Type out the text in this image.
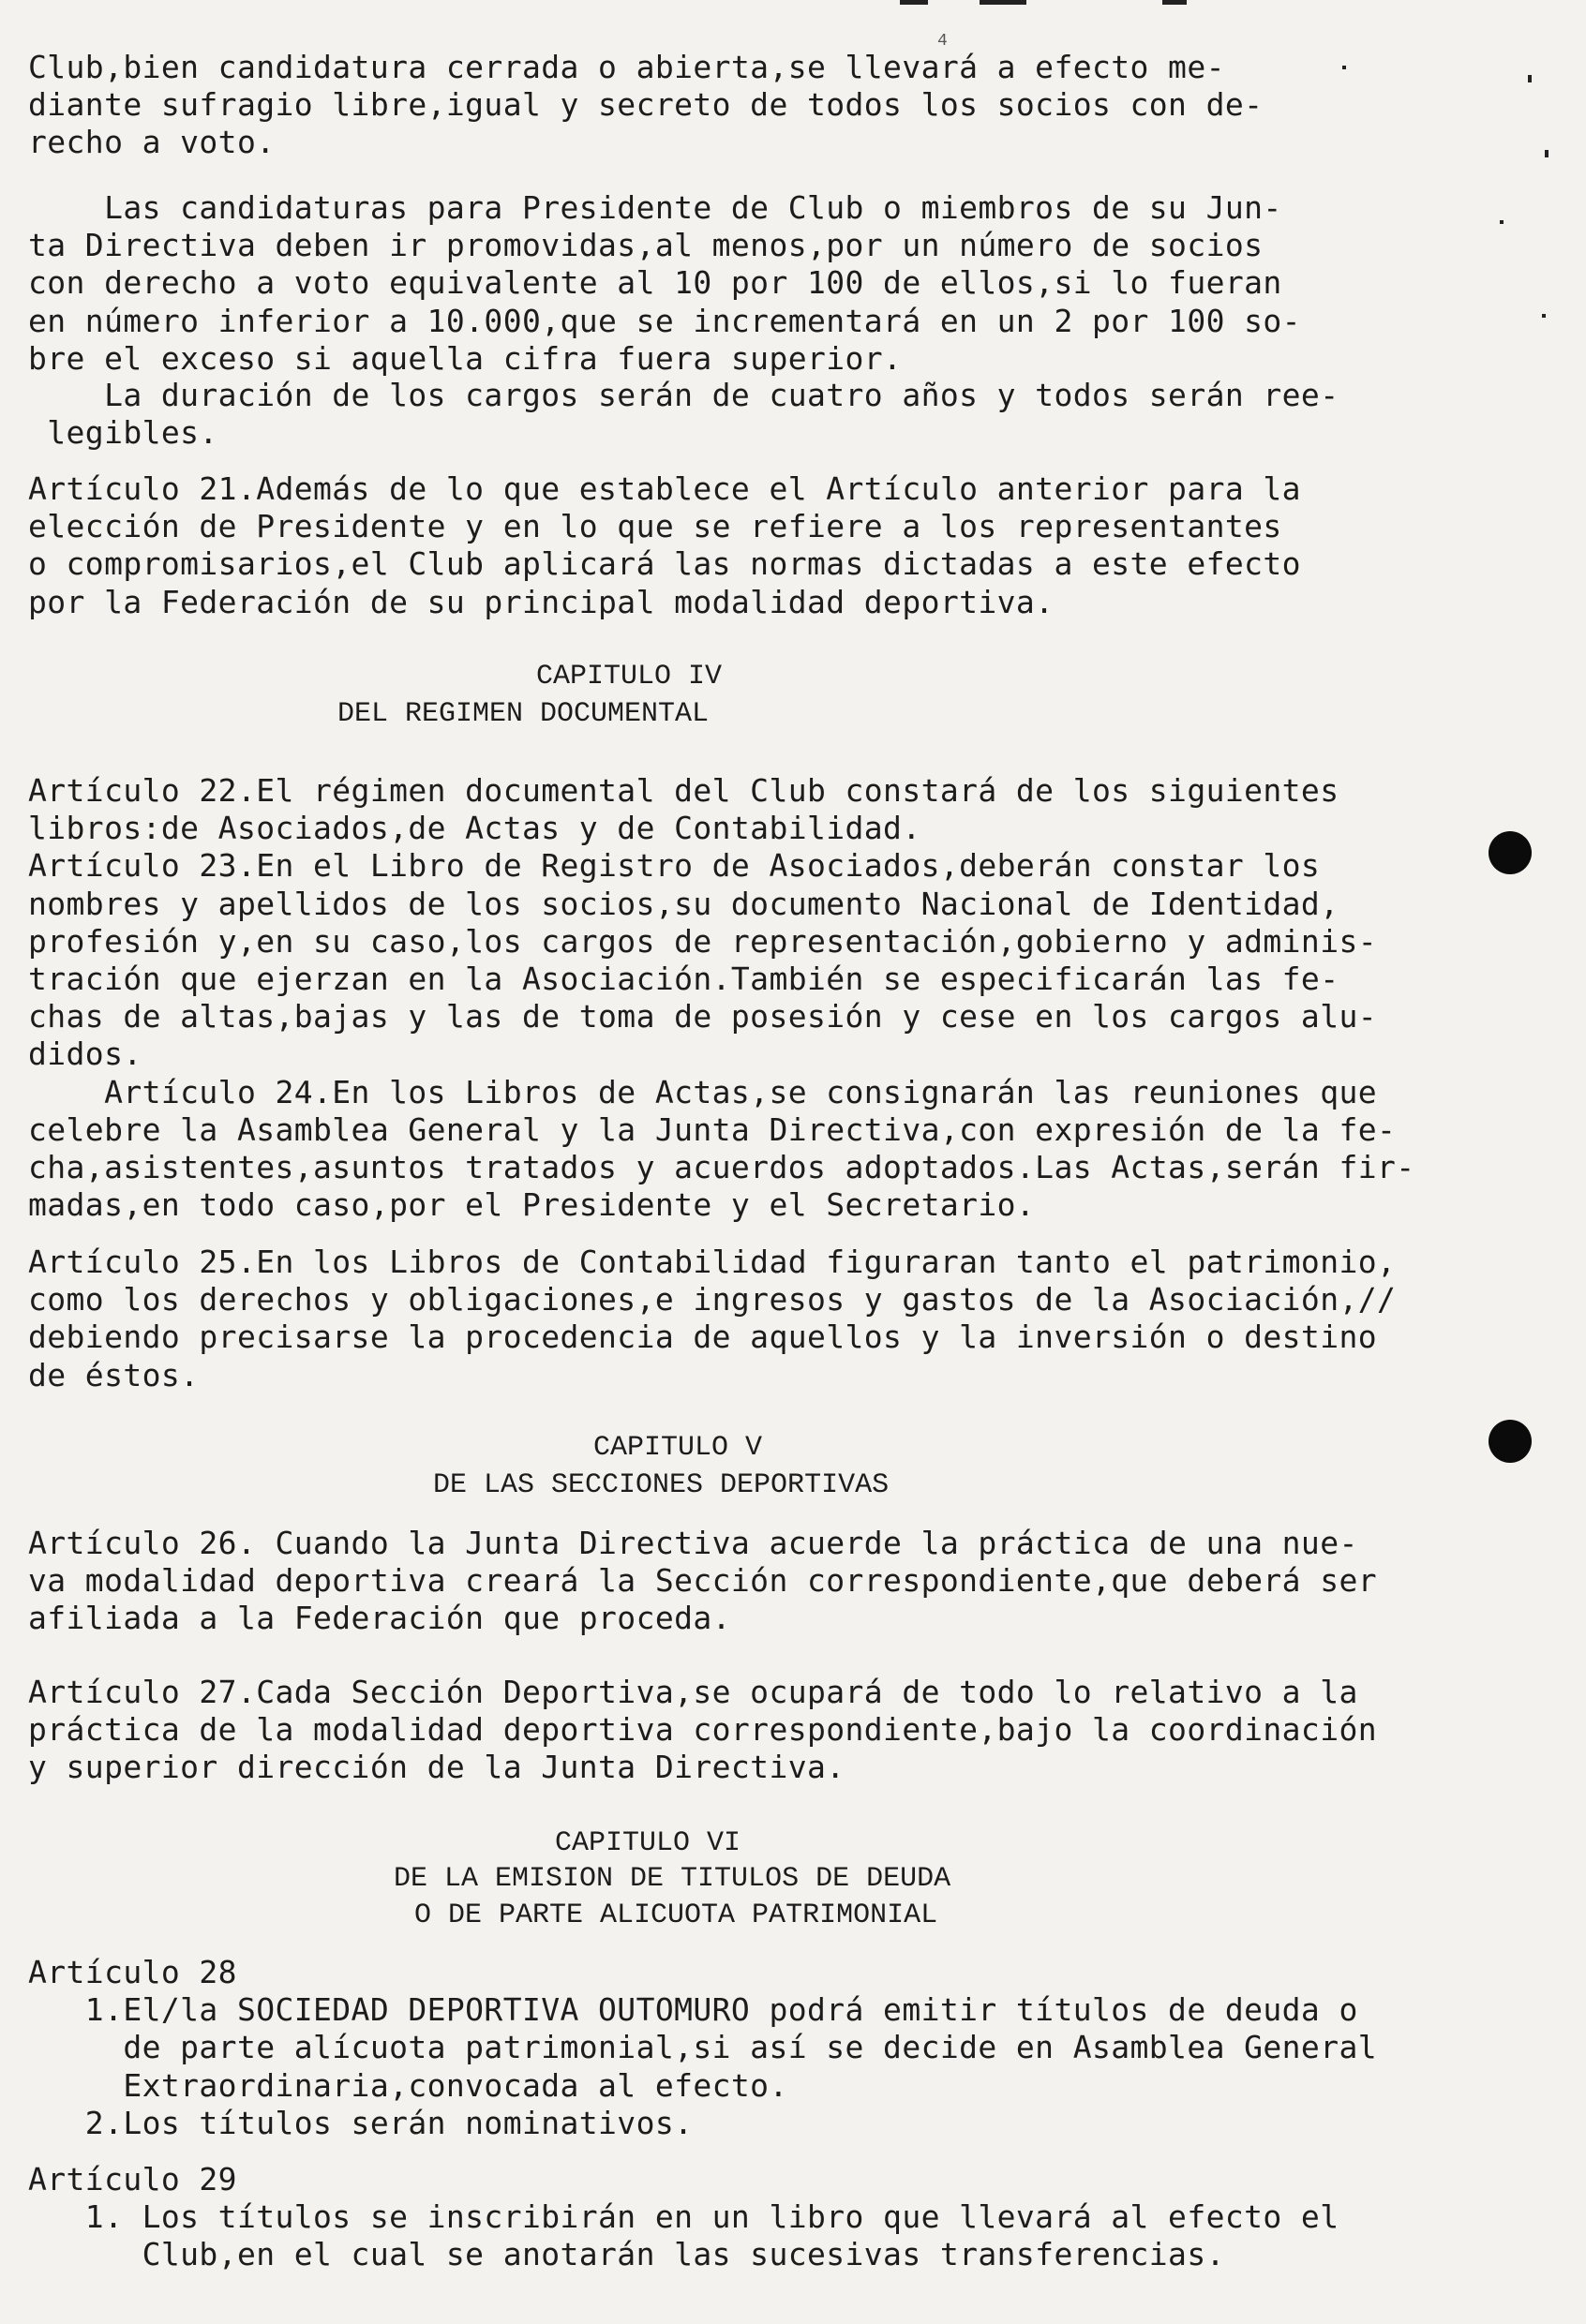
4
Club,bien candidatura cerrada o abierta,se llevará a efecto me-
diante sufragio libre,igual y secreto de todos los socios con de-
recho a voto.
Las candidaturas para Presidente de Club o miembros de su Jun-
ta Directiva deben ir promovidas,al menos,por un número de socios
con derecho a voto equivalente al 10 por 100 de ellos,si lo fueran
en número inferior a 10.000,que se incrementará en un 2 por 100 so-
bre el exceso si aquella cifra fuera superior.
La duración de los cargos serán de cuatro años y todos serán ree-
legibles.
Artículo 21.Además de lo que establece el Artículo anterior para la
elección de Presidente y en lo que se refiere a los representantes
o compromisarios,el Club aplicará las normas dictadas a este efecto
por la Federación de su principal modalidad deportiva.
CAPITULO IV
DEL REGIMEN DOCUMENTAL
Artículo 22.El régimen documental del Club constará de los siguientes
libros:de Asociados,de Actas y de Contabilidad.
Artículo 23.En el Libro de Registro de Asociados,deberán constar los
nombres y apellidos de los socios,su documento Nacional de Identidad,
profesión y,en su caso,los cargos de representación,gobierno y adminis-
tración que ejerzan en la Asociación.También se especificarán las fe-
chas de altas,bajas y las de toma de posesión y cese en los cargos alu-
didos.
Artículo 24.En los Libros de Actas,se consignarán las reuniones que
celebre la Asamblea General y la Junta Directiva,con expresión de la fe-
cha,asistentes,asuntos tratados y acuerdos adoptados.Las Actas,serán fir-
madas,en todo caso,por el Presidente y el Secretario.
Artículo 25.En los Libros de Contabilidad figuraran tanto el patrimonio,
como los derechos y obligaciones,e ingresos y gastos de la Asociación,//
debiendo precisarse la procedencia de aquellos y la inversión o destino
de éstos.
CAPITULO V
DE LAS SECCIONES DEPORTIVAS
Artículo 26. Cuando la Junta Directiva acuerde la práctica de una nue-
va modalidad deportiva creará la Sección correspondiente,que deberá ser
afiliada a la Federación que proceda.
Artículo 27.Cada Sección Deportiva,se ocupará de todo lo relativo a la
práctica de la modalidad deportiva correspondiente,bajo la coordinación
y superior dirección de la Junta Directiva.
CAPITULO VI
DE LA EMISION DE TITULOS DE DEUDA
O DE PARTE ALICUOTA PATRIMONIAL
Artículo 28
1.El/la SOCIEDAD DEPORTIVA OUTOMURO podrá emitir títulos de deuda o
de parte alícuota patrimonial,si así se decide en Asamblea General
Extraordinaria,convocada al efecto.
2.Los títulos serán nominativos.
Artículo 29
1. Los títulos se inscribirán en un libro que llevará al efecto el
Club,en el cual se anotarán las sucesivas transferencias.
